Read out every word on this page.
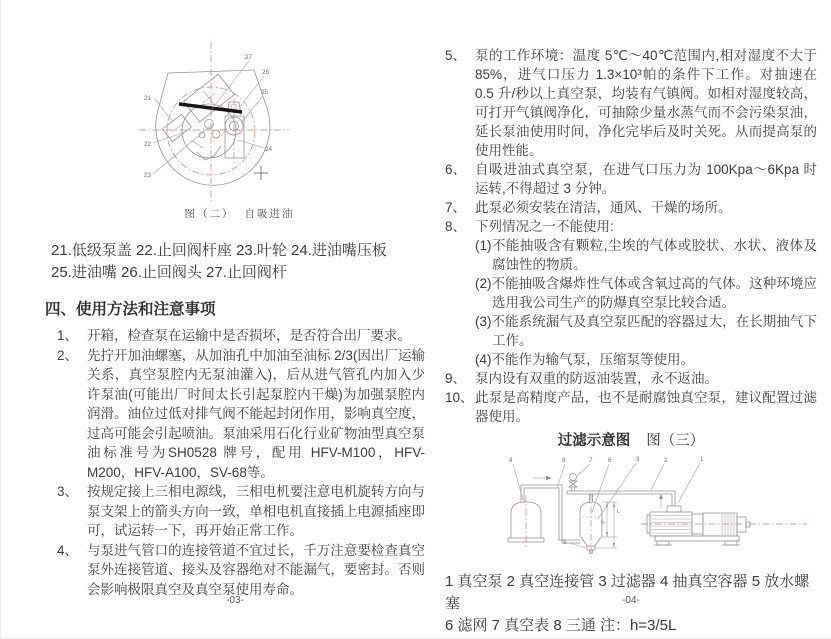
21
22
23
24
25
26
27
图（二） 自吸进油
21.低级泵盖 22.止回阀杆座 23.叶轮 24.进油嘴压板
25.进油嘴 26.止回阀头 27.止回阀杆
四、使用方法和注意事项
1、 开箱，检查泵在运输中是否损坏，是否符合出厂要求。
2、 先拧开加油螺塞，从加油孔中加油至油标 2/3(因出厂运输关系，真空泵腔内无泵油灌入)，后从进气管孔内加入少许泵油(可能出厂时间太长引起泵腔内干燥)为加强泵腔内润滑。油位过低对排气阀不能起封闭作用，影响真空度，过高可能会引起喷油。泵油采用石化行业矿物油型真空泵油标准号为SH0528 牌号，配用 HFV-M100，HFV-M200，HFV-A100，SV-68等。
3、 按规定接上三相电源线，三相电机要注意电机旋转方向与泵支架上的箭头方向一致，单相电机直接插上电源插座即可，试运转一下，再开始正常工作。
4、 与泵进气管口的连接管道不宜过长，千万注意要检查真空泵外连接管道、接头及容器绝对不能漏气，要密封。否则会影响极限真空及真空泵使用寿命。
5、 泵的工作环境：温度 5℃～40℃范围内,相对湿度不大于 85%，进气口压力 1.3×10³帕的条件下工作。对抽速在 0.5 升/秒以上真空泵，均装有气镇阀。如相对湿度较高，可打开气镇阀净化，可抽除少量水蒸气而不会污染泵油，延长泵油使用时间，净化完毕后及时关死。从而提高泵的使用性能。
6、 自吸进油式真空泵，在进气口压力为 100Kpa～6Kpa 时运转,不得超过 3 分钟。
7、 此泵必须安装在清洁，通风、干燥的场所。
8、 下列情况之一不能使用:
(1)不能抽吸含有颗粒,尘埃的气体或胶状、水状、液体及腐蚀性的物质。
(2)不能抽吸含爆炸性气体或含氧过高的气体。这种环境应选用我公司生产的防爆真空泵比较合适。
(3)不能系统漏气及真空泵匹配的容器过大，在长期抽气下工作。
(4)不能作为输气泵，压缩泵等使用。
9、 泵内设有双重的防返油装置，永不返油。
10、 此泵是高精度产品，也不是耐腐蚀真空泵，建议配置过滤器使用。
过滤示意图 图（三）
h
L
4	8	7 6	3	2	1
5
1 真空泵 2 真空连接管 3 过滤器 4 抽真空容器 5 放水螺塞
6 滤网 7 真空表 8 三通 注：h=3/5L
-03-	-04-
